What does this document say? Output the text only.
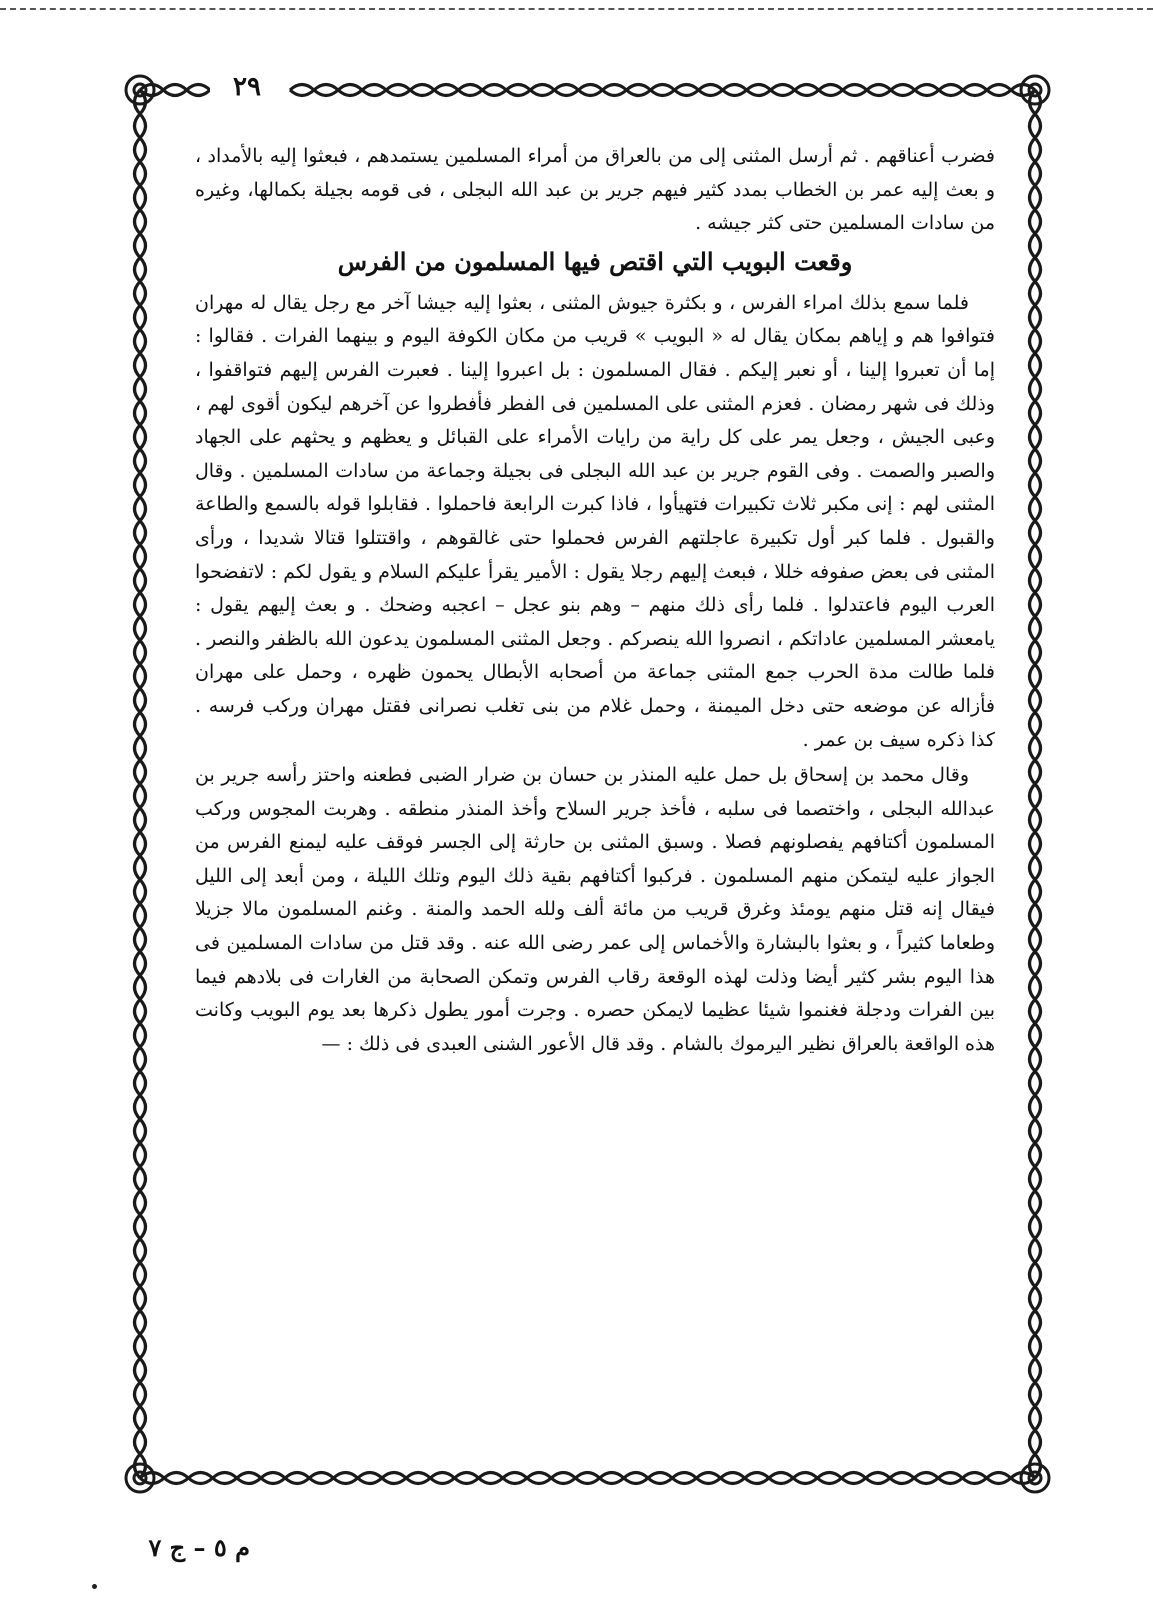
٢٩

فضرب أعناقهم . ثم أرسل المثنى إلى من بالعراق من أمراء المسلمين يستمدهم ، فبعثوا إليه بالأمداد ، و بعث إليه عمر بن الخطاب بمدد كثير فيهم جرير بن عبد الله البجلى ، فى قومه بجيلة بكمالها، وغيره من سادات المسلمين حتى كثر جيشه .

وقعت البويب التي اقتص فيها المسلمون من الفرس

فلما سمع بذلك امراء الفرس ، و بكثرة جيوش المثنى ، بعثوا إليه جيشا آخر مع رجل يقال له مهران فتوافوا هم و إياهم بمكان يقال له « البويب » قريب من مكان الكوفة اليوم و بينهما الفرات . فقالوا : إما أن تعبروا إلينا ، أو نعبر إليكم . فقال المسلمون : بل اعبروا إلينا . فعبرت الفرس إليهم فتواقفوا ، وذلك فى شهر رمضان . فعزم المثنى على المسلمين فى الفطر فأفطروا عن آخرهم ليكون أقوى لهم ، وعبى الجيش ، وجعل يمر على كل راية من رايات الأمراء على القبائل و يعظهم و يحثهم على الجهاد والصبر والصمت . وفى القوم جرير بن عبد الله البجلى فى بجيلة وجماعة من سادات المسلمين . وقال المثنى لهم : إنى مكبر ثلاث تكبيرات فتهيأوا ، فاذا كبرت الرابعة فاحملوا . فقابلوا قوله بالسمع والطاعة والقبول . فلما كبر أول تكبيرة عاجلتهم الفرس فحملوا حتى غالقوهم ، واقتتلوا قتالا شديدا ، ورأى المثنى فى بعض صفوفه خللا ، فبعث إليهم رجلا يقول : الأمير يقرأ عليكم السلام و يقول لكم : لاتفضحوا العرب اليوم فاعتدلوا . فلما رأى ذلك منهم – وهم بنو عجل – اعجبه وضحك . و بعث إليهم يقول : يامعشر المسلمين عاداتكم ، انصروا الله ينصركم . وجعل المثنى المسلمون يدعون الله بالظفر والنصر . فلما طالت مدة الحرب جمع المثنى جماعة من أصحابه الأبطال يحمون ظهره ، وحمل على مهران فأزاله عن موضعه حتى دخل الميمنة ، وحمل غلام من بنى تغلب نصرانى فقتل مهران وركب فرسه . كذا ذكره سيف بن عمر .

وقال محمد بن إسحاق بل حمل عليه المنذر بن حسان بن ضرار الضبى فطعنه واحتز رأسه جرير بن عبدالله البجلى ، واختصما فى سلبه ، فأخذ جرير السلاح وأخذ المنذر منطقه . وهربت المجوس وركب المسلمون أكتافهم يفصلونهم فصلا . وسبق المثنى بن حارثة إلى الجسر فوقف عليه ليمنع الفرس من الجواز عليه ليتمكن منهم المسلمون . فركبوا أكتافهم بقية ذلك اليوم وتلك الليلة ، ومن أبعد إلى الليل فيقال إنه قتل منهم يومئذ وغرق قريب من مائة ألف ولله الحمد والمنة . وغنم المسلمون مالا جزيلا وطعاما كثيراً ، و بعثوا بالبشارة والأخماس إلى عمر رضى الله عنه . وقد قتل من سادات المسلمين فى هذا اليوم بشر كثير أيضا وذلت لهذه الوقعة رقاب الفرس وتمكن الصحابة من الغارات فى بلادهم فيما بين الفرات ودجلة فغنموا شيئا عظيما لايمكن حصره . وجرت أمور يطول ذكرها بعد يوم البويب وكانت هذه الواقعة بالعراق نظير اليرموك بالشام . وقد قال الأعور الشنى العبدى فى ذلك : —

م ٥ – ج ٧
